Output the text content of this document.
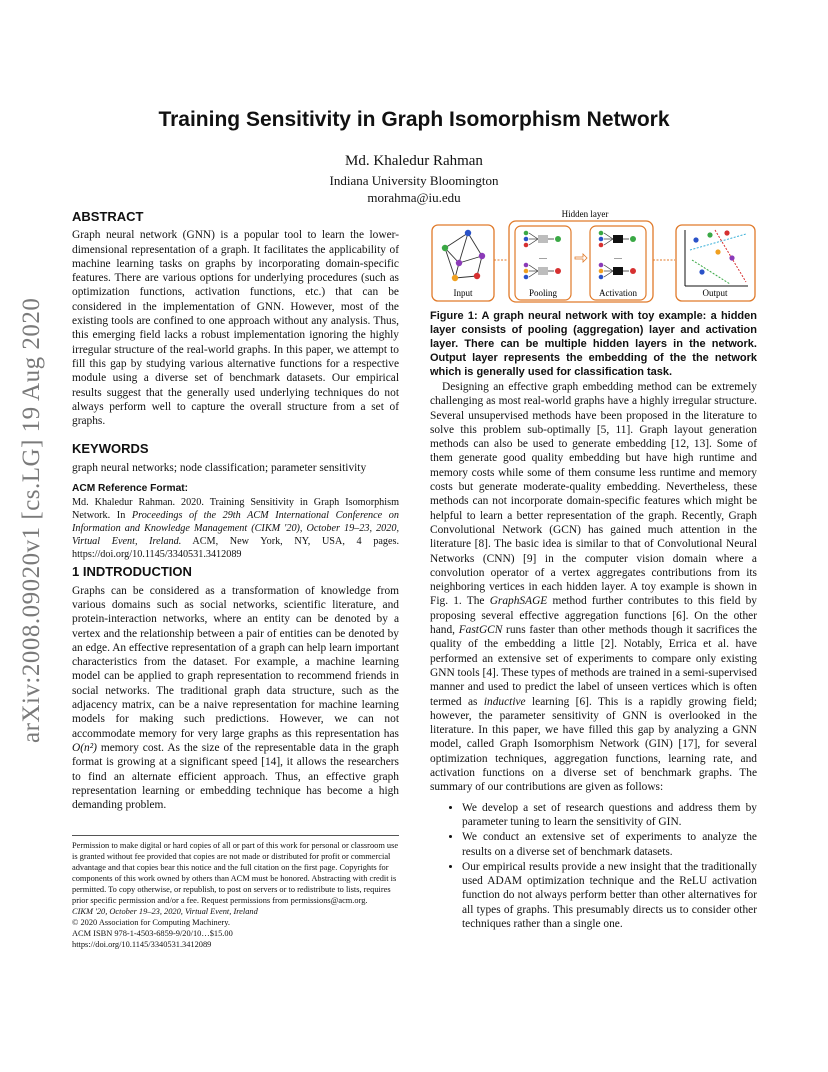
arXiv:2008.09020v1 [cs.LG] 19 Aug 2020
Training Sensitivity in Graph Isomorphism Network
Md. Khaledur Rahman
Indiana University Bloomington
morahma@iu.edu
ABSTRACT

Graph neural network (GNN) is a popular tool to learn the lower-dimensional representation of a graph. It facilitates the applicability of machine learning tasks on graphs by incorporating domain-specific features. There are various options for underlying procedures (such as optimization functions, activation functions, etc.) that can be considered in the implementation of GNN. However, most of the existing tools are confined to one approach without any analysis. Thus, this emerging field lacks a robust implementation ignoring the highly irregular structure of the real-world graphs. In this paper, we attempt to fill this gap by studying various alternative functions for a respective module using a diverse set of benchmark datasets. Our empirical results suggest that the generally used underlying techniques do not always perform well to capture the overall structure from a set of graphs.

KEYWORDS

graph neural networks; node classification; parameter sensitivity

ACM Reference Format:
Md. Khaledur Rahman. 2020. Training Sensitivity in Graph Isomorphism Network. In Proceedings of the 29th ACM International Conference on Information and Knowledge Management (CIKM '20), October 19–23, 2020, Virtual Event, Ireland. ACM, New York, NY, USA, 4 pages. https://doi.org/10.1145/3340531.3412089
1 INDTRODUCTION

Graphs can be considered as a transformation of knowledge from various domains such as social networks, scientific literature, and protein-interaction networks, where an entity can be denoted by a vertex and the relationship between a pair of entities can be denoted by an edge. An effective representation of a graph can help learn important characteristics from the dataset. For example, a machine learning model can be applied to graph representation to recommend friends in social networks. The traditional graph data structure, such as the adjacency matrix, can be a naive representation for machine learning models for making such predictions. However, we can not accommodate memory for very large graphs as this representation has O(n²) memory cost. As the size of the representable data in the graph format is growing at a significant speed [14], it allows the researchers to find an alternate efficient approach. Thus, an effective graph representation learning or embedding technique has become a high demanding problem.

Permission to make digital or hard copies of all or part of this work for personal or classroom use is granted without fee provided that copies are not made or distributed for profit or commercial advantage and that copies bear this notice and the full citation on the first page. Copyrights for components of this work owned by others than ACM must be honored. Abstracting with credit is permitted. To copy otherwise, or republish, to post on servers or to redistribute to lists, requires prior specific permission and/or a fee. Request permissions from permissions@acm.org.
CIKM '20, October 19–23, 2020, Virtual Event, Ireland
© 2020 Association for Computing Machinery.
ACM ISBN 978-1-4503-6859-9/20/10…$15.00
https://doi.org/10.1145/3340531.3412089
Hidden layer
Input
....
Pooling
....
Activation	Output
Figure 1: A graph neural network with toy example: a hidden layer consists of pooling (aggregation) layer and activation layer. There can be multiple hidden layers in the network. Output layer represents the embedding of the the network which is generally used for classification task.

Designing an effective graph embedding method can be extremely challenging as most real-world graphs have a highly irregular structure. Several unsupervised methods have been proposed in the literature to solve this problem sub-optimally [5, 11]. Graph layout generation methods can also be used to generate embedding [12, 13]. Some of them generate good quality embedding but have high runtime and memory costs while some of them consume less runtime and memory costs but generate moderate-quality embedding. Nevertheless, these methods can not incorporate domain-specific features which might be helpful to learn a better representation of the graph. Recently, Graph Convolutional Network (GCN) has gained much attention in the literature [8]. The basic idea is similar to that of Convolutional Neural Networks (CNN) [9] in the computer vision domain where a convolution operator of a vertex aggregates contributions from its neighboring vertices in each hidden layer. A toy example is shown in Fig. 1. The GraphSAGE method further contributes to this field by proposing several effective aggregation functions [6]. On the other hand, FastGCN runs faster than other methods though it sacrifices the quality of the embedding a little [2]. Notably, Errica et al. have performed an extensive set of experiments to compare only existing GNN tools [4]. These types of methods are trained in a semi-supervised manner and used to predict the label of unseen vertices which is often termed as inductive learning [6]. This is a rapidly growing field; however, the parameter sensitivity of GNN is overlooked in the literature. In this paper, we have filled this gap by analyzing a GNN model, called Graph Isomorphism Network (GIN) [17], for several optimization techniques, aggregation functions, learning rate, and activation functions on a diverse set of benchmark graphs. The summary of our contributions are given as follows:

• We develop a set of research questions and address them by parameter tuning to learn the sensitivity of GIN.
• We conduct an extensive set of experiments to analyze the results on a diverse set of benchmark datasets.
• Our empirical results provide a new insight that the traditionally used ADAM optimization technique and the ReLU activation function do not always perform better than other alternatives for all types of graphs. This presumably directs us to consider other techniques rather than a single one.
